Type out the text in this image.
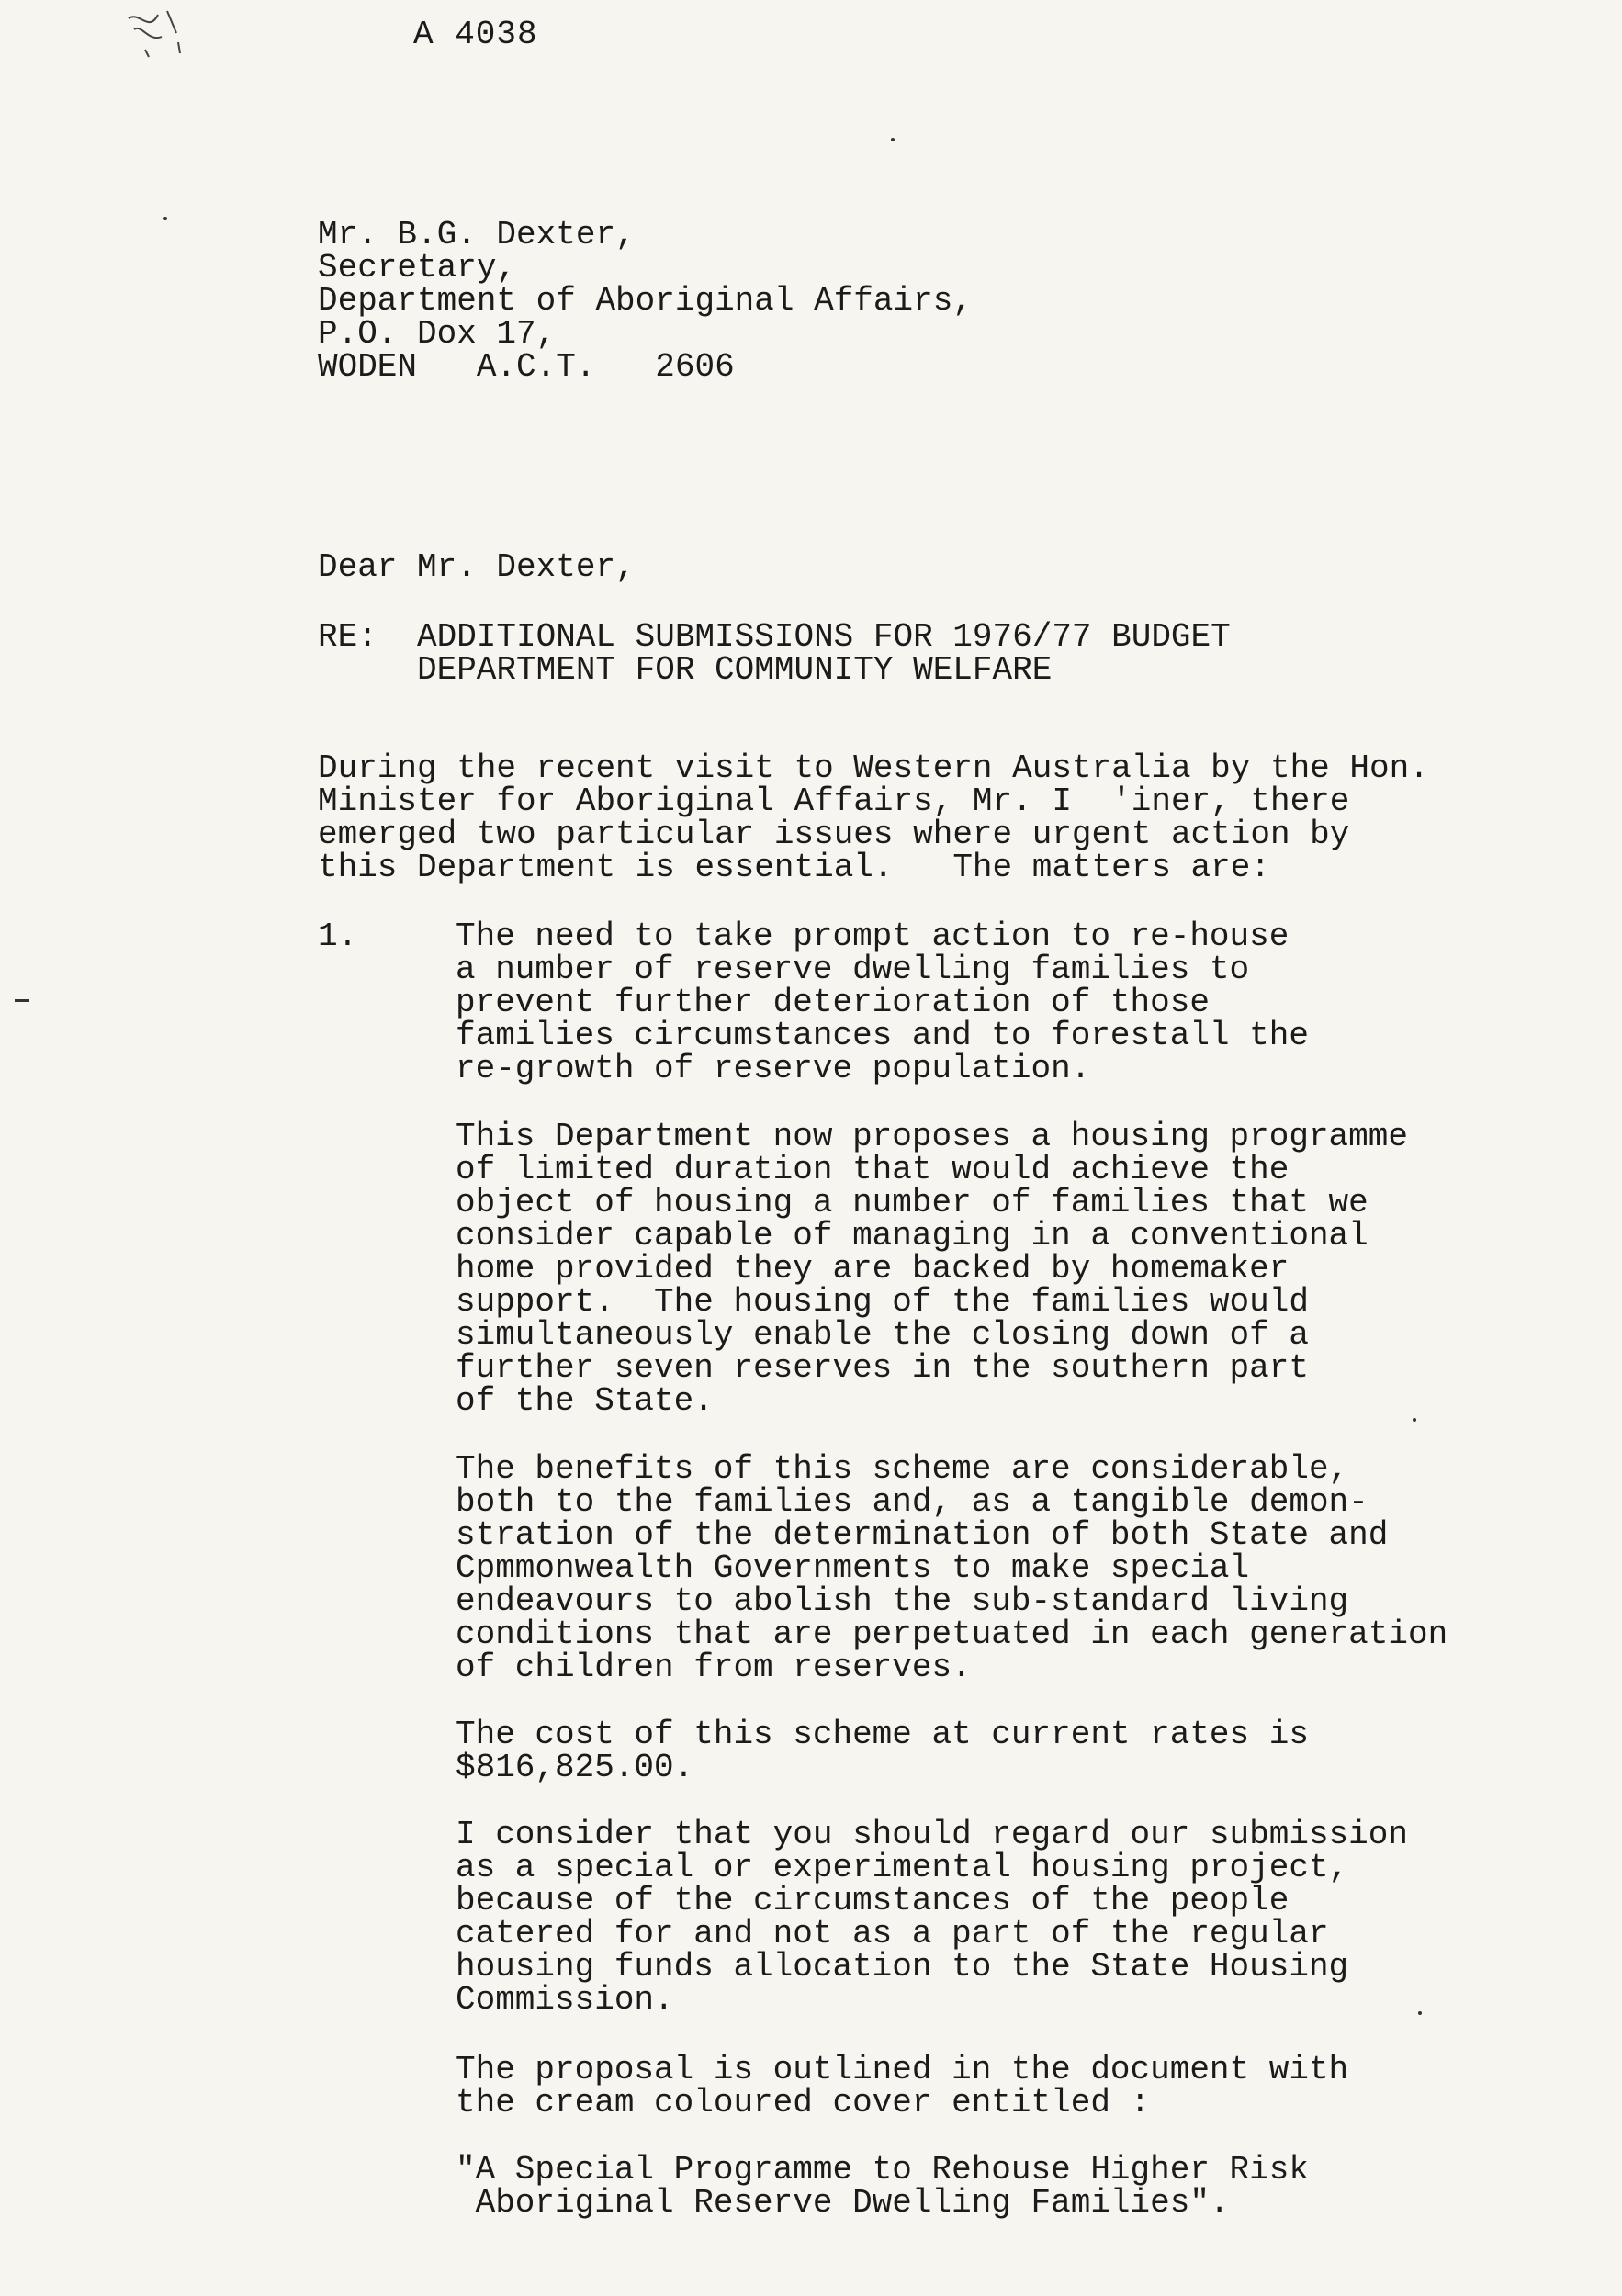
A 4038
Mr. B.G. Dexter,
Secretary,
Department of Aboriginal Affairs,
P.O. Dox 17,
WODEN   A.C.T.   2606
Dear Mr. Dexter,
RE: ADDITIONAL SUBMISSIONS FOR 1976/77 BUDGET
DEPARTMENT FOR COMMUNITY WELFARE
During the recent visit to Western Australia by the Hon.
Minister for Aboriginal Affairs, Mr. I  'iner, there
emerged two particular issues where urgent action by
this Department is essential.   The matters are:
1.	The need to take prompt action to re-house
a number of reserve dwelling families to
prevent further deterioration of those
families circumstances and to forestall the
re-growth of reserve population.
This Department now proposes a housing programme
of limited duration that would achieve the
object of housing a number of families that we
consider capable of managing in a conventional
home provided they are backed by homemaker
support.  The housing of the families would
simultaneously enable the closing down of a
further seven reserves in the southern part
of the State.
The benefits of this scheme are considerable,
both to the families and, as a tangible demon-
stration of the determination of both State and
Cpmmonwealth Governments to make special
endeavours to abolish the sub-standard living
conditions that are perpetuated in each generation
of children from reserves.
The cost of this scheme at current rates is
$816,825.00.
I consider that you should regard our submission
as a special or experimental housing project,
because of the circumstances of the people
catered for and not as a part of the regular
housing funds allocation to the State Housing
Commission.
The proposal is outlined in the document with
the cream coloured cover entitled :
"A Special Programme to Rehouse Higher Risk
Aboriginal Reserve Dwelling Families".
